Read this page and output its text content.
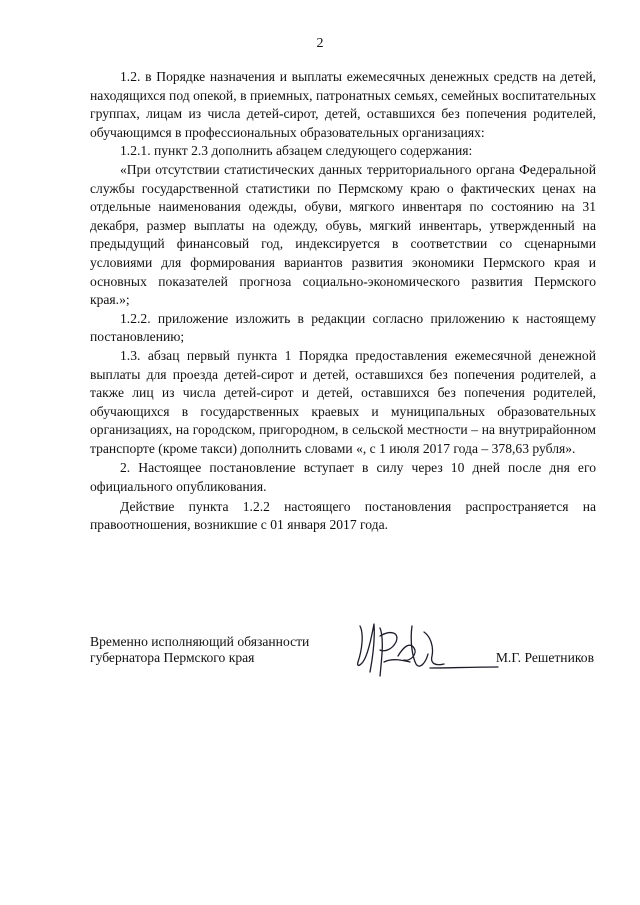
2

1.2. в Порядке назначения и выплаты ежемесячных денежных средств на детей, находящихся под опекой, в приемных, патронатных семьях, семейных воспитательных группах, лицам из числа детей-сирот, детей, оставшихся без попечения родителей, обучающимся в профессиональных образовательных организациях:

1.2.1. пункт 2.3 дополнить абзацем следующего содержания:

«При отсутствии статистических данных территориального органа Федеральной службы государственной статистики по Пермскому краю о фактических ценах на отдельные наименования одежды, обуви, мягкого инвентаря по состоянию на 31 декабря, размер выплаты на одежду, обувь, мягкий инвентарь, утвержденный на предыдущий финансовый год, индексируется в соответствии со сценарными условиями для формирования вариантов развития экономики Пермского края и основных показателей прогноза социально-экономического развития Пермского края.»;

1.2.2. приложение изложить в редакции согласно приложению к настоящему постановлению;

1.3. абзац первый пункта 1 Порядка предоставления ежемесячной денежной выплаты для проезда детей-сирот и детей, оставшихся без попечения родителей, а также лиц из числа детей-сирот и детей, оставшихся без попечения родителей, обучающихся в государственных краевых и муниципальных образовательных организациях, на городском, пригородном, в сельской местности – на внутрирайонном транспорте (кроме такси) дополнить словами «, с 1 июля 2017 года – 378,63 рубля».

2. Настоящее постановление вступает в силу через 10 дней после дня его официального опубликования.

Действие пункта 1.2.2 настоящего постановления распространяется на правоотношения, возникшие с 01 января 2017 года.

Временно исполняющий обязанности
губернатора Пермского края	М.Г. Решетников
